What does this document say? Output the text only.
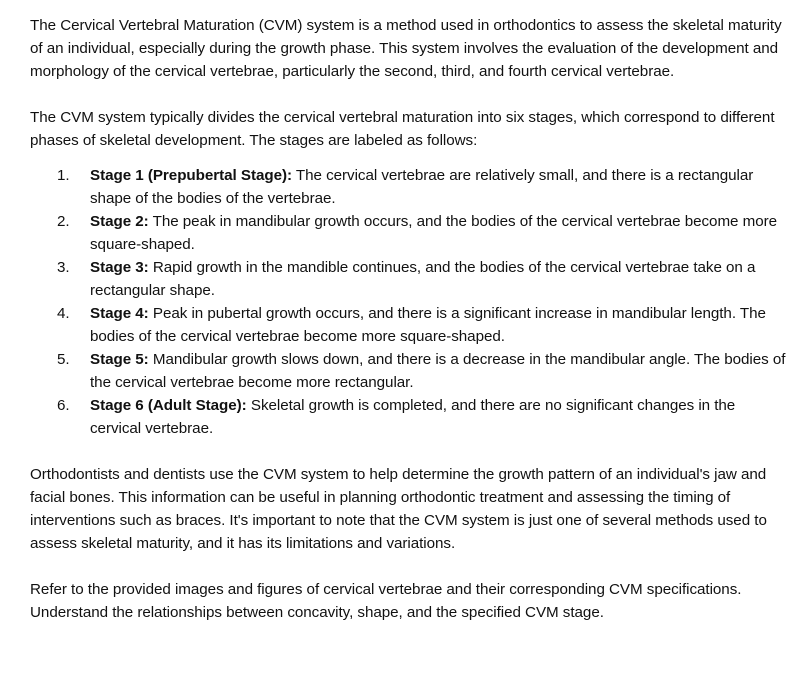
The Cervical Vertebral Maturation (CVM) system is a method used in orthodontics to assess the skeletal maturity of an individual, especially during the growth phase. This system involves the evaluation of the development and morphology of the cervical vertebrae, particularly the second, third, and fourth cervical vertebrae.

The CVM system typically divides the cervical vertebral maturation into six stages, which correspond to different phases of skeletal development. The stages are labeled as follows:

1. Stage 1 (Prepubertal Stage): The cervical vertebrae are relatively small, and there is a rectangular shape of the bodies of the vertebrae.
2. Stage 2: The peak in mandibular growth occurs, and the bodies of the cervical vertebrae become more square-shaped.
3. Stage 3: Rapid growth in the mandible continues, and the bodies of the cervical vertebrae take on a rectangular shape.
4. Stage 4: Peak in pubertal growth occurs, and there is a significant increase in mandibular length. The bodies of the cervical vertebrae become more square-shaped.
5. Stage 5: Mandibular growth slows down, and there is a decrease in the mandibular angle. The bodies of the cervical vertebrae become more rectangular.
6. Stage 6 (Adult Stage): Skeletal growth is completed, and there are no significant changes in the cervical vertebrae.

Orthodontists and dentists use the CVM system to help determine the growth pattern of an individual's jaw and facial bones. This information can be useful in planning orthodontic treatment and assessing the timing of interventions such as braces. It's important to note that the CVM system is just one of several methods used to assess skeletal maturity, and it has its limitations and variations.

Refer to the provided images and figures of cervical vertebrae and their corresponding CVM specifications. Understand the relationships between concavity, shape, and the specified CVM stage.
